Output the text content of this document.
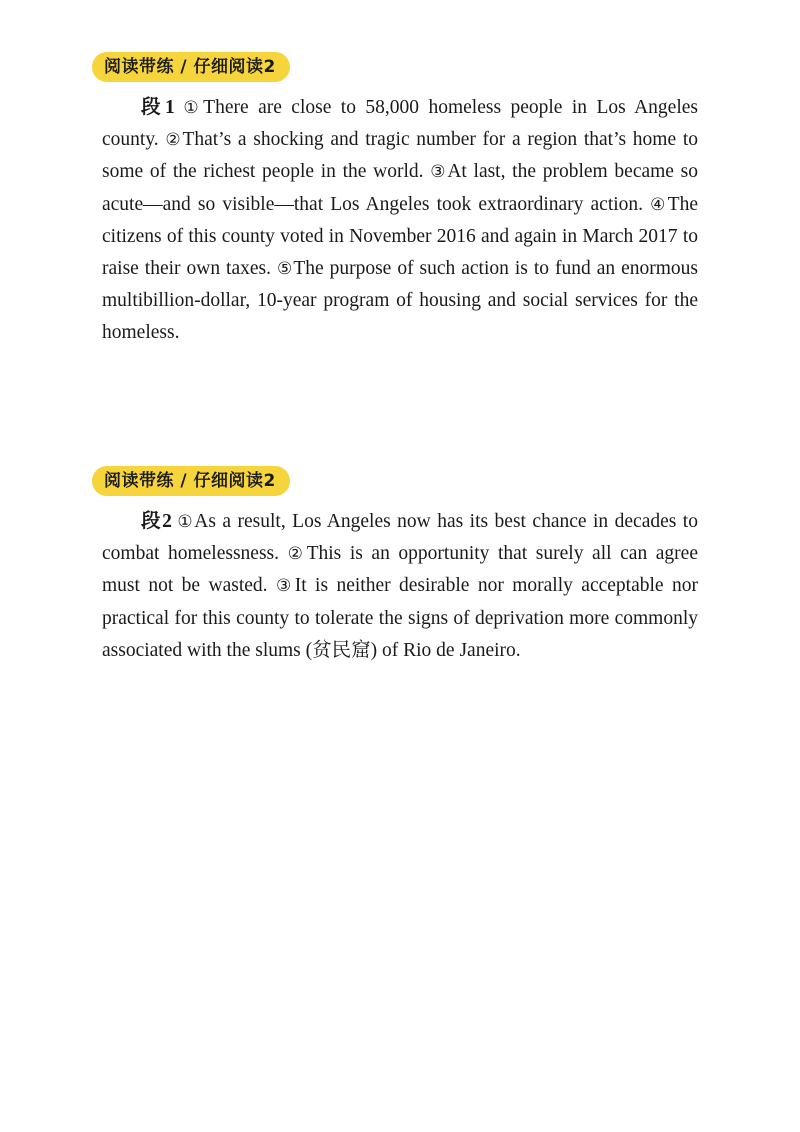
阅读带练 / 仔细阅读2

段1 ①There are close to 58,000 homeless people in Los Angeles county. ②That’s a shocking and tragic number for a region that’s home to some of the richest people in the world. ③At last, the problem became so acute—and so visible—that Los Angeles took extraordinary action. ④The citizens of this county voted in November 2016 and again in March 2017 to raise their own taxes. ⑤The purpose of such action is to fund an enormous multibillion-dollar, 10-year program of housing and social services for the homeless.

阅读带练 / 仔细阅读2

段2 ①As a result, Los Angeles now has its best chance in decades to combat homelessness. ②This is an opportunity that surely all can agree must not be wasted. ③It is neither desirable nor morally acceptable nor practical for this county to tolerate the signs of deprivation more commonly associated with the slums (贫民窟) of Rio de Janeiro.
